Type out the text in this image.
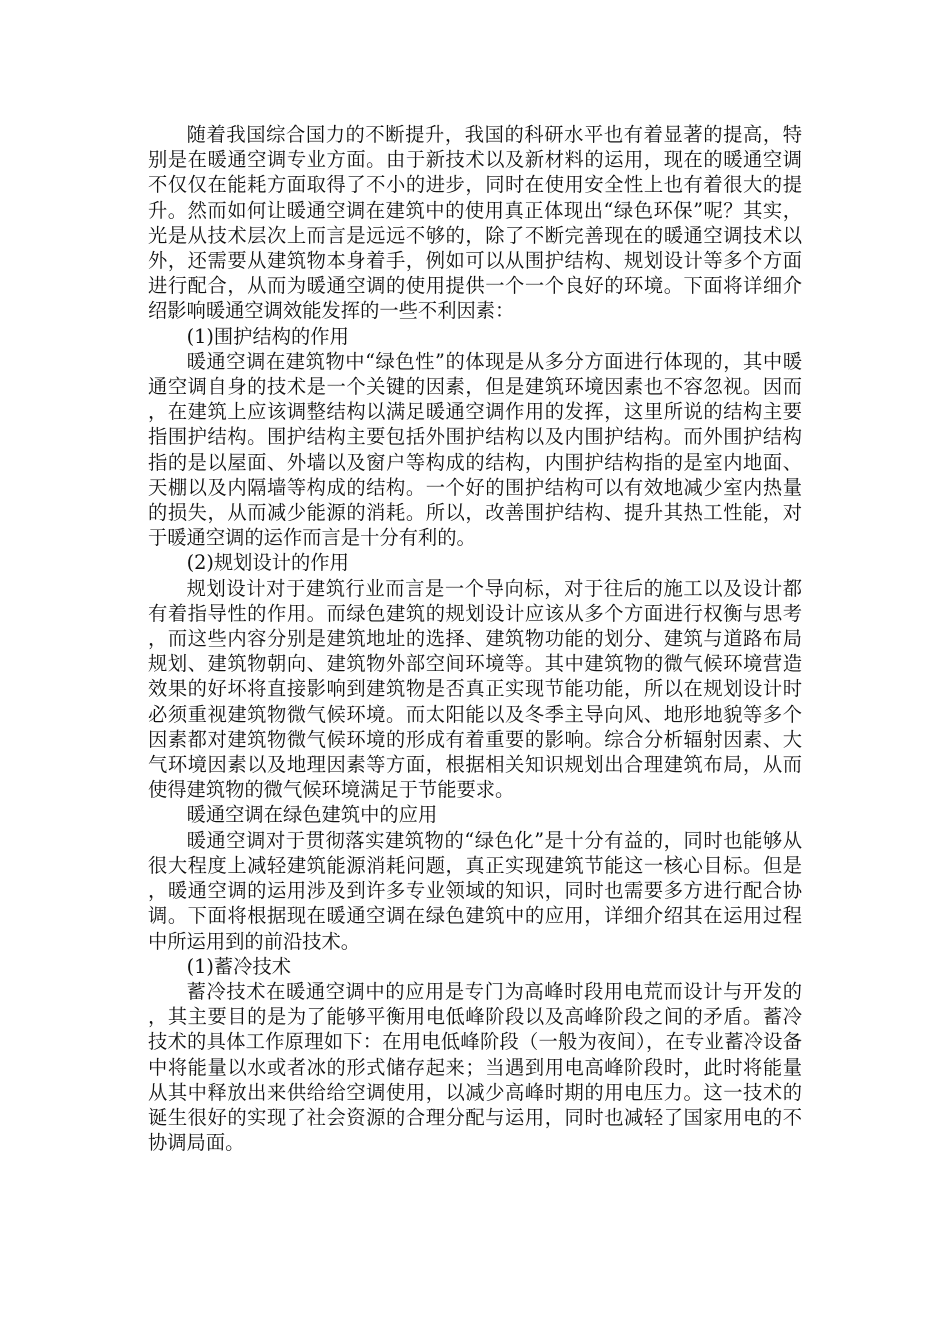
随着我国综合国力的不断提升，我国的科研水平也有着显著的提高，特别是在暖通空调专业方面。由于新技术以及新材料的运用，现在的暖通空调不仅仅在能耗方面取得了不小的进步，同时在使用安全性上也有着很大的提升。然而如何让暖通空调在建筑中的使用真正体现出“绿色环保”呢？其实，光是从技术层次上而言是远远不够的，除了不断完善现在的暖通空调技术以外，还需要从建筑物本身着手，例如可以从围护结构、规划设计等多个方面进行配合，从而为暖通空调的使用提供一个一个良好的环境。下面将详细介绍影响暖通空调效能发挥的一些不利因素：

(1)围护结构的作用

暖通空调在建筑物中“绿色性”的体现是从多分方面进行体现的，其中暖通空调自身的技术是一个关键的因素，但是建筑环境因素也不容忽视。因而，在建筑上应该调整结构以满足暖通空调作用的发挥，这里所说的结构主要指围护结构。围护结构主要包括外围护结构以及内围护结构。而外围护结构指的是以屋面、外墙以及窗户等构成的结构，内围护结构指的是室内地面、天棚以及内隔墙等构成的结构。一个好的围护结构可以有效地减少室内热量的损失，从而减少能源的消耗。所以，改善围护结构、提升其热工性能，对于暖通空调的运作而言是十分有利的。

(2)规划设计的作用

规划设计对于建筑行业而言是一个导向标，对于往后的施工以及设计都有着指导性的作用。而绿色建筑的规划设计应该从多个方面进行权衡与思考，而这些内容分别是建筑地址的选择、建筑物功能的划分、建筑与道路布局规划、建筑物朝向、建筑物外部空间环境等。其中建筑物的微气候环境营造效果的好坏将直接影响到建筑物是否真正实现节能功能，所以在规划设计时必须重视建筑物微气候环境。而太阳能以及冬季主导向风、地形地貌等多个因素都对建筑物微气候环境的形成有着重要的影响。综合分析辐射因素、大气环境因素以及地理因素等方面，根据相关知识规划出合理建筑布局，从而使得建筑物的微气候环境满足于节能要求。

暖通空调在绿色建筑中的应用

暖通空调对于贯彻落实建筑物的“绿色化”是十分有益的，同时也能够从很大程度上减轻建筑能源消耗问题，真正实现建筑节能这一核心目标。但是，暖通空调的运用涉及到许多专业领域的知识，同时也需要多方进行配合协调。下面将根据现在暖通空调在绿色建筑中的应用，详细介绍其在运用过程中所运用到的前沿技术。

(1)蓄冷技术

蓄冷技术在暖通空调中的应用是专门为高峰时段用电荒而设计与开发的，其主要目的是为了能够平衡用电低峰阶段以及高峰阶段之间的矛盾。蓄冷技术的具体工作原理如下：在用电低峰阶段（一般为夜间），在专业蓄冷设备中将能量以水或者冰的形式储存起来；当遇到用电高峰阶段时，此时将能量从其中释放出来供给给空调使用，以减少高峰时期的用电压力。这一技术的诞生很好的实现了社会资源的合理分配与运用，同时也减轻了国家用电的不协调局面。
